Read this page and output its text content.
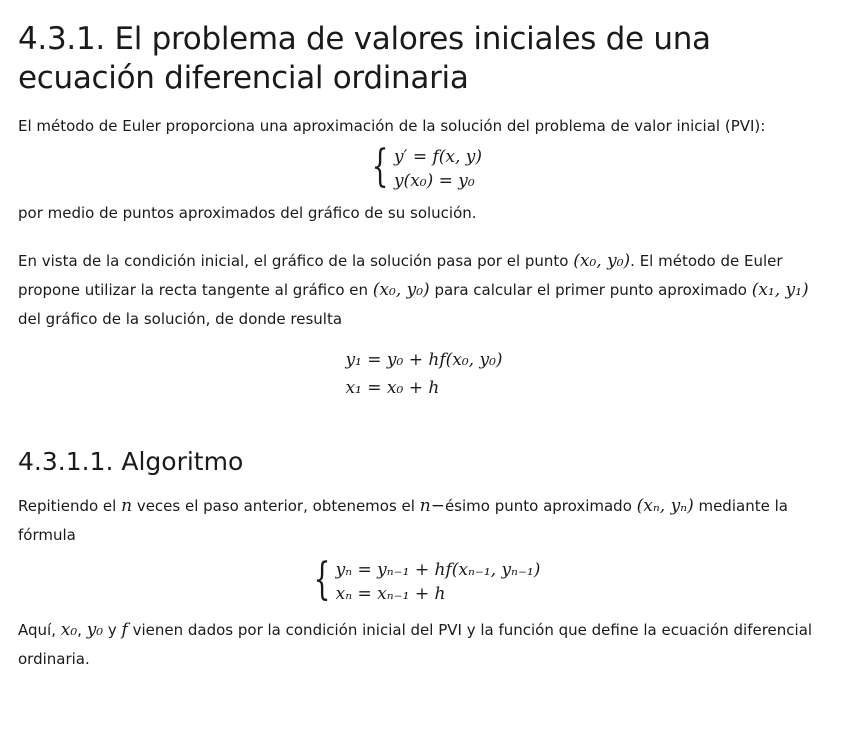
4.3.1. El problema de valores iniciales de una ecuación diferencial ordinaria

El método de Euler proporciona una aproximación de la solución del problema de valor inicial (PVI):

{ y′ = f(x, y)
y(x₀) = y₀

por medio de puntos aproximados del gráfico de su solución.

En vista de la condición inicial, el gráfico de la solución pasa por el punto (x₀, y₀). El método de Euler propone utilizar la recta tangente al gráfico en (x₀, y₀) para calcular el primer punto aproximado (x₁, y₁) del gráfico de la solución, de donde resulta

y₁ = y₀ + hf(x₀, y₀)
x₁ = x₀ + h
4.3.1.1. Algoritmo

Repitiendo el n veces el paso anterior, obtenemos el n−ésimo punto aproximado (xₙ, yₙ) mediante la fórmula

{ yₙ = yₙ₋₁ + hf(xₙ₋₁, yₙ₋₁)
xₙ = xₙ₋₁ + h

Aquí, x₀, y₀ y f vienen dados por la condición inicial del PVI y la función que define la ecuación diferencial ordinaria.
